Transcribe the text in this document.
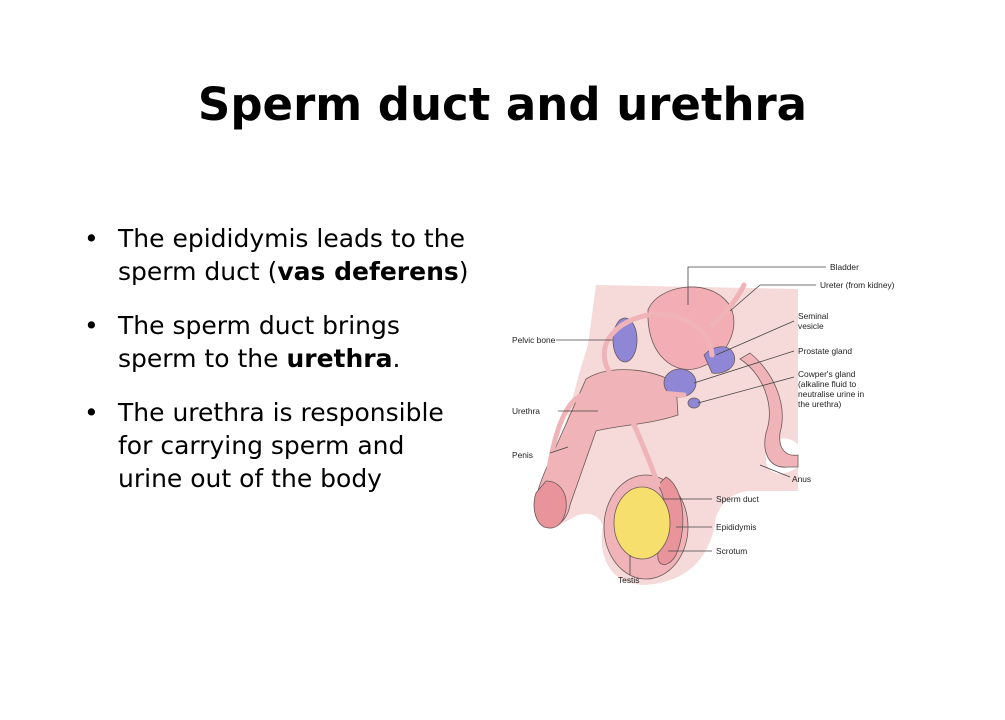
Sperm duct and urethra
• The epididymis leads to the sperm duct (vas deferens)
• The sperm duct brings sperm to the urethra.
• The urethra is responsible for carrying sperm and urine out of the body
Bladder
Ureter (from kidney)
Seminal vesicle
Prostate gland
Cowper's gland (alkaline fluid to neutralise urine in the urethra)
Pelvic bone
Urethra
Penis
Anus
Sperm duct
Epididymis
Scrotum
Testis
